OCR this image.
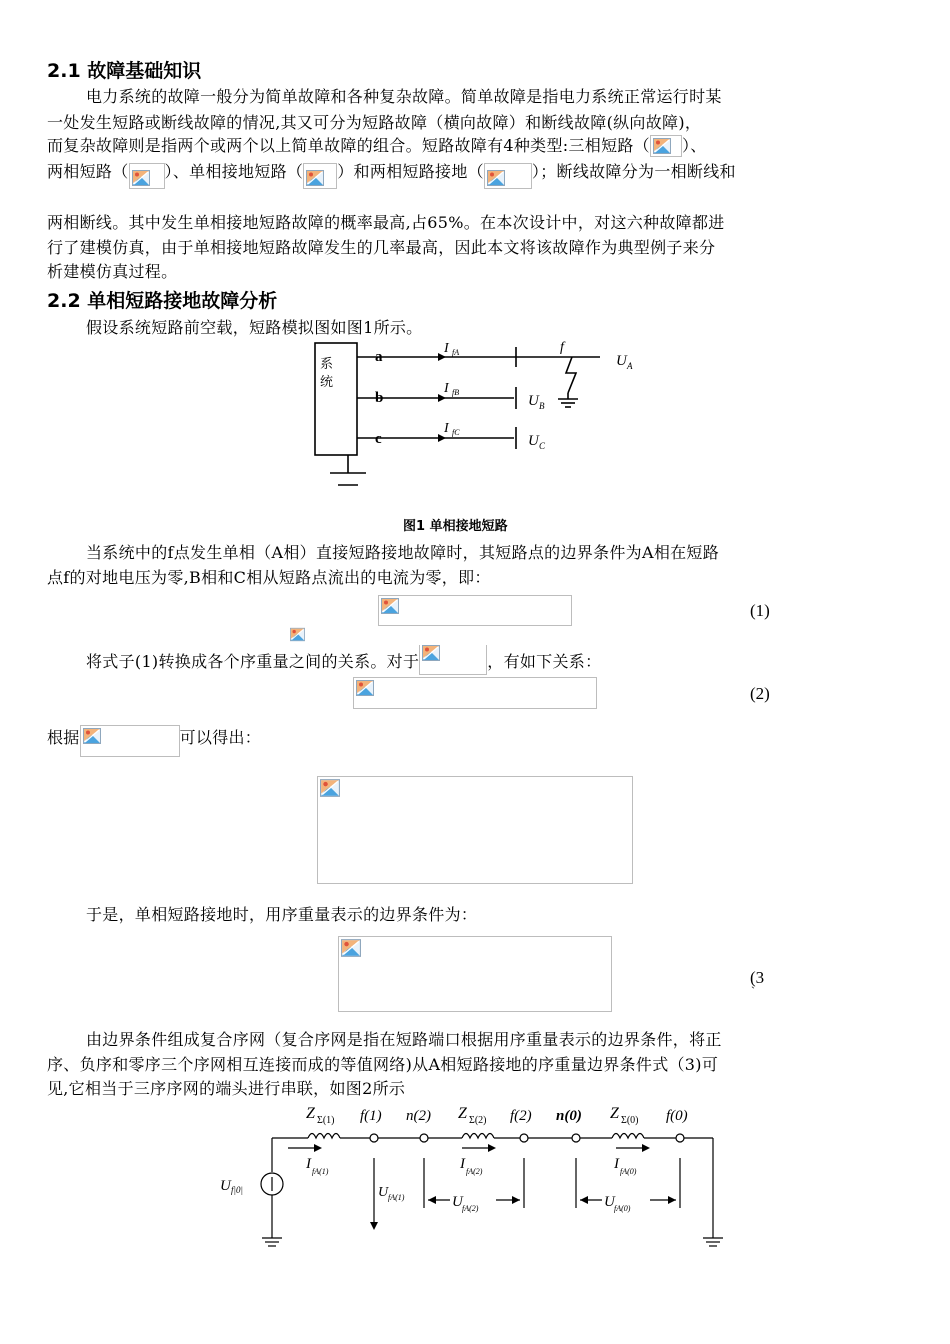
2.1 故障基础知识
电力系统的故障一般分为简单故障和各种复杂故障。简单故障是指电力系统正常运行时某
一处发生短路或断线故障的情况,其又可分为短路故障（横向故障）和断线故障(纵向故障)，
而复杂故障则是指两个或两个以上简单故障的组合。短路故障有4种类型:三相短路（ ）、
两相短路（ ）、单相接地短路（ ）和两相短路接地（	）；断线故障分为一相断线和
两相断线。其中发生单相接地短路故障的概率最高,占65%。在本次设计中，对这六种故障都进
行了建模仿真，由于单相接地短路故障发生的几率最高，因此本文将该故障作为典型例子来分
析建模仿真过程。
2.2 单相短路接地故障分析
假设系统短路前空载，短路模拟图如图1所示。
系
统
a
b
c
I fA
I fB
I fC
U A
U B
U C
f
图1 单相接地短路
当系统中的f点发生单相（A相）直接短路接地故障时，其短路点的边界条件为A相在短路
点f的对地电压为零,B相和C相从短路点流出的电流为零，即：
(1)
将式子(1)转换成各个序重量之间的关系。对于	，有如下关系：
(2)
根据	可以得出：
于是，单相短路接地时，用序重量表示的边界条件为：
(3
`
由边界条件组成复合序网（复合序网是指在短路端口根据用序重量表示的边界条件，将正
序、负序和零序三个序网相互连接而成的等值网络)从A相短路接地的序重量边界条件式（3)可
见,它相当于三序序网的端头进行串联，如图2所示
Z Σ(1)	Z Σ(2)	Z Σ(0)
f(1) n(2)	f(2) n(0)	f(0)
U f|0|
I fA(1)	I fA(2)	I fA(0)
U fA(1)	U fA(2)	U fA(0)
